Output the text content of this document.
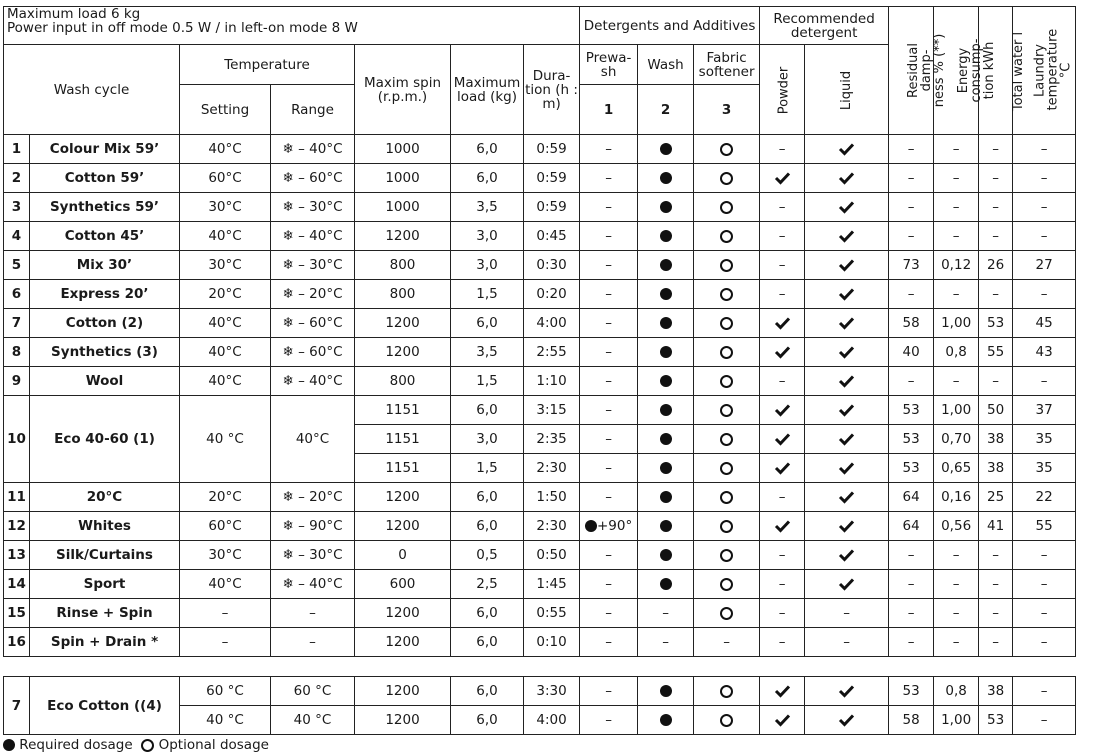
Maximum load 6 kg
Power input in off mode 0.5 W / in left-on mode 8 W							Detergents and Additives			Recommended detergent		Residual damp- ness % (**)	Energy consump- tion kWh	Total water l	Laundry temperature °C
Wash cycle		Temperature		Maxim spin (r.p.m.)	Maximum load (kg)	Dura- tion (h : m)	Prewa- sh	Wash	Fabric softener	Powder	Liquid				
		Setting	Range				1	2	3						
1	Colour Mix 59’	40°C	❄ – 40°C	1000	6,0	0:59	–			–		–	–	–	–
2	Cotton 59’	60°C	❄ – 60°C	1000	6,0	0:59	–					–	–	–	–
3	Synthetics 59’	30°C	❄ – 30°C	1000	3,5	0:59	–			–		–	–	–	–
4	Cotton 45’	40°C	❄ – 40°C	1200	3,0	0:45	–			–		–	–	–	–
5	Mix 30’	30°C	❄ – 30°C	800	3,0	0:30	–			–		73	0,12	26	27
6	Express 20’	20°C	❄ – 20°C	800	1,5	0:20	–			–		–	–	–	–
7	Cotton (2)	40°C	❄ – 60°C	1200	6,0	4:00	–					58	1,00	53	45
8	Synthetics (3)	40°C	❄ – 60°C	1200	3,5	2:55	–					40	0,8	55	43
9	Wool	40°C	❄ – 40°C	800	1,5	1:10	–			–		–	–	–	–
10	Eco 40-60 (1)	40 °C	40°C	1151	6,0	3:15	–					53	1,00	50	37
				1151	3,0	2:35	–					53	0,70	38	35
				1151	1,5	2:30	–					53	0,65	38	35
11	20°C	20°C	❄ – 20°C	1200	6,0	1:50	–			–		64	0,16	25	22
12	Whites	60°C	❄ – 90°C	1200	6,0	2:30	+90°					64	0,56	41	55
13	Silk/Curtains	30°C	❄ – 30°C	0	0,5	0:50	–			–		–	–	–	–
14	Sport	40°C	❄ – 40°C	600	2,5	1:45	–			–		–	–	–	–
15	Rinse + Spin	–	–	1200	6,0	0:55	–	–		–	–	–	–	–	–
16	Spin + Drain *	–	–	1200	6,0	0:10	–	–	–	–	–	–	–	–	–

7	Eco Cotton ((4)	60 °C	60 °C	1200	6,0	3:30	–					53	0,8	38	–
		40 °C	40 °C	1200	6,0	4:00	–					58	1,00	53	–
Required dosage Optional dosage
